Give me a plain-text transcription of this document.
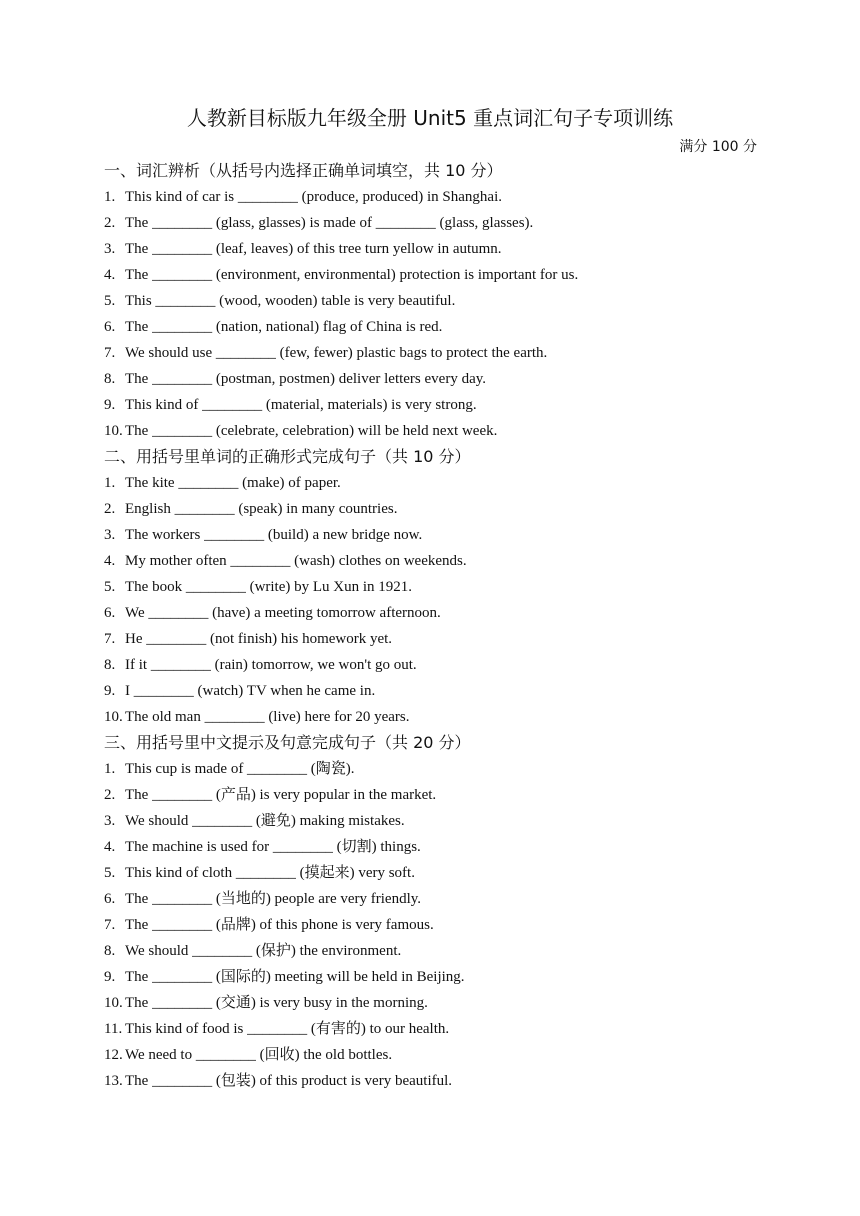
人教新目标版九年级全册 Unit5 重点词汇句子专项训练
满分 100 分
一、词汇辨析（从括号内选择正确单词填空，共 10 分）
1. This kind of car is ________ (produce, produced) in Shanghai.
2. The ________ (glass, glasses) is made of ________ (glass, glasses).
3. The ________ (leaf, leaves) of this tree turn yellow in autumn.
4. The ________ (environment, environmental) protection is important for us.
5. This ________ (wood, wooden) table is very beautiful.
6. The ________ (nation, national) flag of China is red.
7. We should use ________ (few, fewer) plastic bags to protect the earth.
8. The ________ (postman, postmen) deliver letters every day.
9. This kind of ________ (material, materials) is very strong.
10. The ________ (celebrate, celebration) will be held next week.
二、用括号里单词的正确形式完成句子（共 10 分）
1. The kite ________ (make) of paper.
2. English ________ (speak) in many countries.
3. The workers ________ (build) a new bridge now.
4. My mother often ________ (wash) clothes on weekends.
5. The book ________ (write) by Lu Xun in 1921.
6. We ________ (have) a meeting tomorrow afternoon.
7. He ________ (not finish) his homework yet.
8. If it ________ (rain) tomorrow, we won't go out.
9. I ________ (watch) TV when he came in.
10. The old man ________ (live) here for 20 years.
三、用括号里中文提示及句意完成句子（共 20 分）
1. This cup is made of ________ (陶瓷).
2. The ________ (产品) is very popular in the market.
3. We should ________ (避免) making mistakes.
4. The machine is used for ________ (切割) things.
5. This kind of cloth ________ (摸起来) very soft.
6. The ________ (当地的) people are very friendly.
7. The ________ (品牌) of this phone is very famous.
8. We should ________ (保护) the environment.
9. The ________ (国际的) meeting will be held in Beijing.
10. The ________ (交通) is very busy in the morning.
11. This kind of food is ________ (有害的) to our health.
12. We need to ________ (回收) the old bottles.
13. The ________ (包装) of this product is very beautiful.
